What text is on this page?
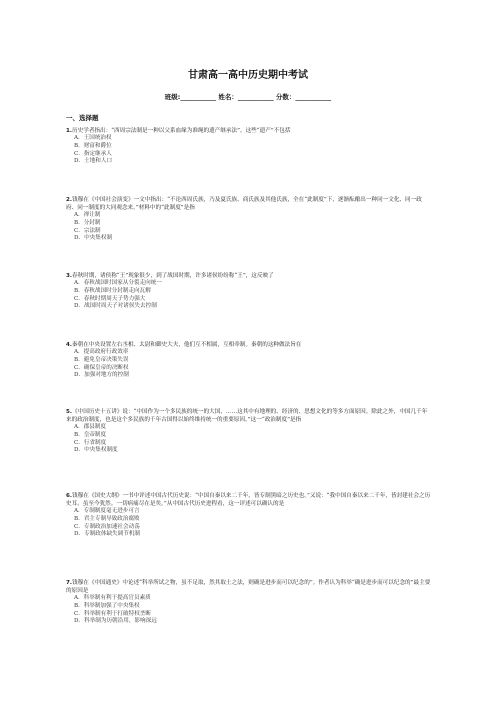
甘肃高一高中历史期中考试
班级:___________ 姓名：___________ 分数：___________
一、选择题
1.历史学者指出：“西周宗法制是一种以父系血缘为准绳的遗产继承法”。这些“遗产”不包括
A．王国统治权
B．财富和爵位
C．指定继承人
D．土地和人口
2.钱穆在《中国社会演变》一文中指出：“不论西周氏族，乃及夏氏族、商氏族及其他氏族，全在“此制度”下，逐渐酝酿出一种同一文化、同一政府、同一制度的大同观念来。”材料中的“此制度”是指
A．禅让制
B．分封制
C．宗法制
D．中央集权制
3.春秋时期，诸侯称“王”现象很少，到了战国时期，许多诸侯纷纷称“王”，这反映了
A．春秋战国时国家从分裂走向统一
B．春秋战国时分封制走向瓦解
C．春秋时期周天子势力强大
D．战国时周天子对诸侯失去控制
4.秦朝在中央设置左右丞相、太尉和御史大夫，他们互不相属，互相牵制。秦朝的这种做法旨在
A．提高政府行政效率
B．避免皇帝决策失误
C．确保皇帝的决断权
D．加强对地方的控制
5.《中国历史十五讲》说：“中国作为一个多民族的统一的大国，……这其中有地理的、经济的、思想文化的等多方面原因。除此之外，中国几千年来的政治制度，也是这个多民族的千年古国得以始终维持统一的重要原因。”这一“政治制度”是指
A．郡县制度
B．皇帝制度
C．行省制度
D．中央集权制度
6.钱穆在《国史大纲》一书中评述中国古代历史说：“中国自秦以来二千年，皆专制黑暗之历史也。”又说：“我中国自秦以来二千年，皆封建社会之历史耳，虽至今犹然。一切病痛尽在是矣。”从中国古代历史进程看，这一评述可以确认的是
A．专制制度毫无进步可言
B．君主专制导致政治腐败
C．专制政治加速社会动荡
D．专制政体缺失调节机制
7.钱穆在《中国通史》中论述“科举所试之物，虽不足取，然其取士之法，则确是进步而可以纪念的”。作者认为科举“确是进步而可以纪念的”最主要的原因是
A．科举制有利于提高官员素质
B．科举制加强了中央集权
C．科举制有利于打破特权垄断
D．科举制为历朝沿用，影响深远
